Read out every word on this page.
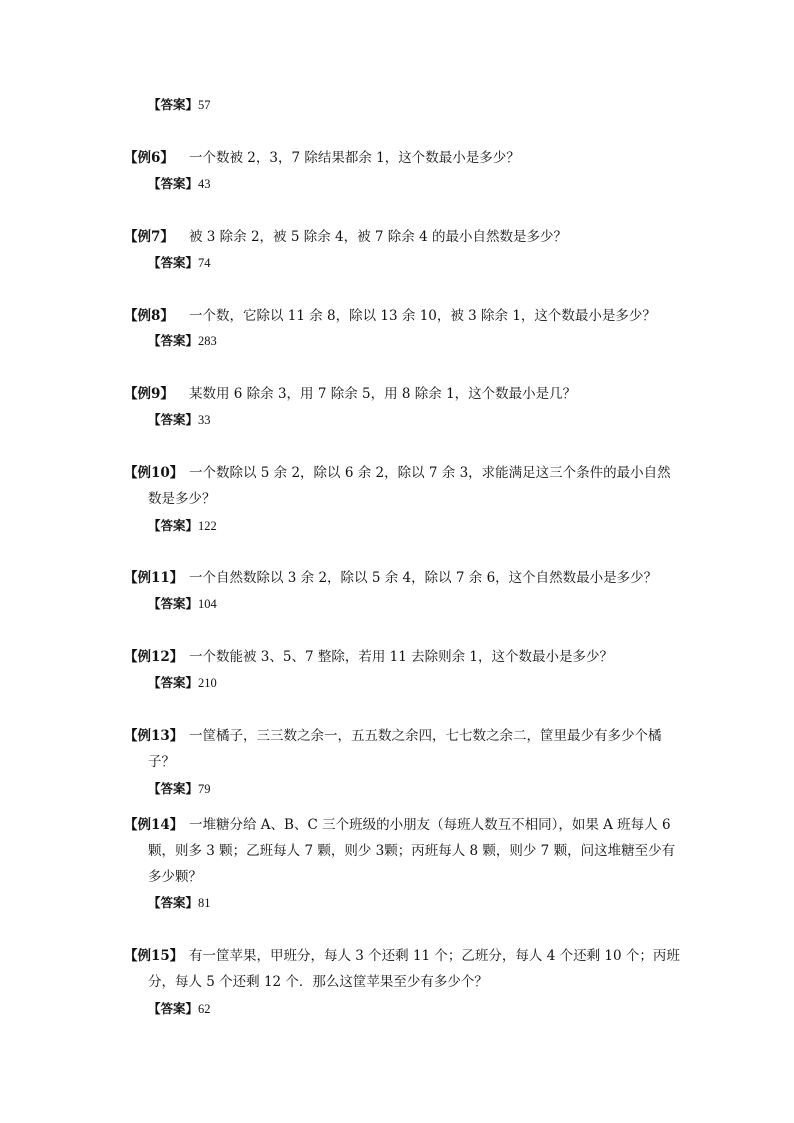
【答案】57
【例6】 一个数被 2，3，7 除结果都余 1，这个数最小是多少？
【答案】43
【例7】 被 3 除余 2，被 5 除余 4，被 7 除余 4 的最小自然数是多少？
【答案】74
【例8】 一个数，它除以 11 余 8，除以 13 余 10，被 3 除余 1，这个数最小是多少？
【答案】283
【例9】 某数用 6 除余 3，用 7 除余 5，用 8 除余 1，这个数最小是几？
【答案】33
【例10】 一个数除以 5 余 2，除以 6 余 2，除以 7 余 3，求能满足这三个条件的最小自然
数是多少？
【答案】122
【例11】 一个自然数除以 3 余 2，除以 5 余 4，除以 7 余 6，这个自然数最小是多少？
【答案】104
【例12】 一个数能被 3、5、7 整除，若用 11 去除则余 1，这个数最小是多少？
【答案】210
【例13】 一筐橘子，三三数之余一，五五数之余四，七七数之余二，筐里最少有多少个橘
子？
【答案】79
【例14】 一堆糖分给 A、B、C 三个班级的小朋友（每班人数互不相同），如果 A 班每人 6
颗，则多 3 颗；乙班每人 7 颗，则少 3颗；丙班每人 8 颗，则少 7 颗，问这堆糖至少有
多少颗？
【答案】81
【例15】 有一筐苹果，甲班分，每人 3 个还剩 11 个；乙班分，每人 4 个还剩 10 个；丙班
分，每人 5 个还剩 12 个．那么这筐苹果至少有多少个？
【答案】62
